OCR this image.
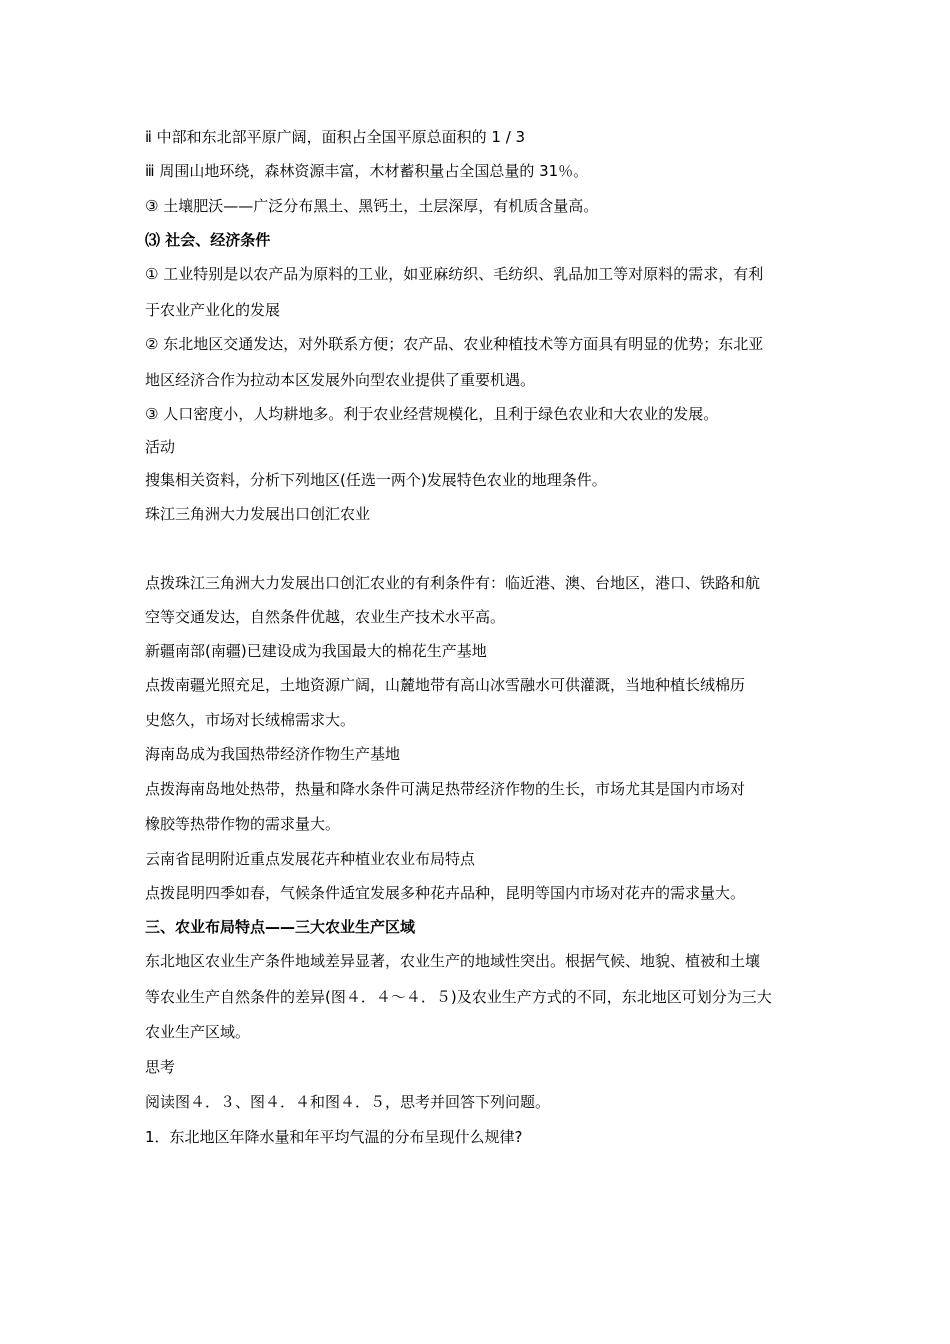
ⅱ 中部和东北部平原广阔，面积占全国平原总面积的 1 / 3
ⅲ 周围山地环绕，森林资源丰富，木材蓄积量占全国总量的 31％。
③ 土壤肥沃——广泛分布黑土、黑钙土，土层深厚，有机质含量高。
⑶ 社会、经济条件
① 工业特别是以农产品为原料的工业，如亚麻纺织、毛纺织、乳品加工等对原料的需求，有利
于农业产业化的发展
② 东北地区交通发达，对外联系方便；农产品、农业种植技术等方面具有明显的优势；东北亚
地区经济合作为拉动本区发展外向型农业提供了重要机遇。
③ 人口密度小，人均耕地多。利于农业经营规模化，且利于绿色农业和大农业的发展。
活动
搜集相关资料，分析下列地区(任选一两个)发展特色农业的地理条件。
珠江三角洲大力发展出口创汇农业
点拨珠江三角洲大力发展出口创汇农业的有利条件有：临近港、澳、台地区，港口、铁路和航
空等交通发达，自然条件优越，农业生产技术水平高。
新疆南部(南疆)已建设成为我国最大的棉花生产基地
点拨南疆光照充足，土地资源广阔，山麓地带有高山冰雪融水可供灌溉，当地种植长绒棉历
史悠久，市场对长绒棉需求大。
海南岛成为我国热带经济作物生产基地
点拨海南岛地处热带，热量和降水条件可满足热带经济作物的生长，市场尤其是国内市场对
橡胶等热带作物的需求量大。
云南省昆明附近重点发展花卉种植业农业布局特点
点拨昆明四季如春，气候条件适宜发展多种花卉品种，昆明等国内市场对花卉的需求量大。
三、农业布局特点——三大农业生产区域
东北地区农业生产条件地域差异显著，农业生产的地域性突出。根据气候、地貌、植被和土壤
等农业生产自然条件的差异(图４．４～４．５)及农业生产方式的不同，东北地区可划分为三大
农业生产区域。
思考
阅读图４．３、图４．４和图４．５，思考并回答下列问题。
1．东北地区年降水量和年平均气温的分布呈现什么规律?
